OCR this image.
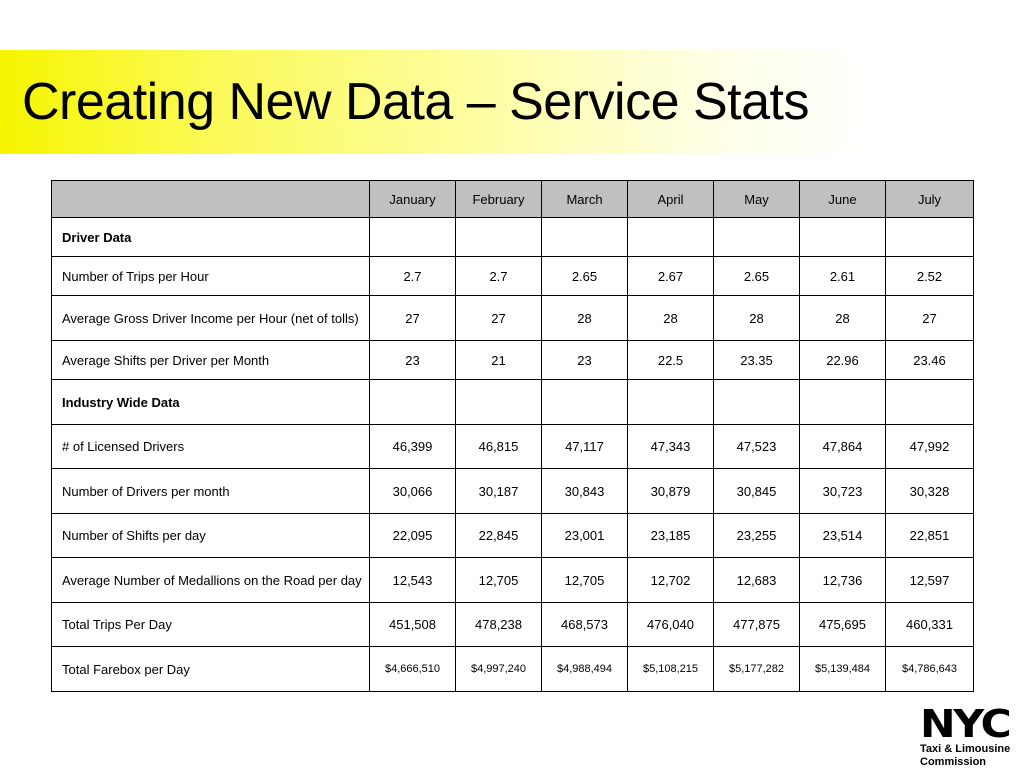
Creating New Data – Service Stats
	January	February	March	April	May	June	July
Driver Data							
Number of Trips per Hour	2.7	2.7	2.65	2.67	2.65	2.61	2.52
Average Gross Driver Income per Hour (net of tolls)	27	27	28	28	28	28	27
Average Shifts per Driver per Month	23	21	23	22.5	23.35	22.96	23.46
Industry Wide Data							
# of Licensed Drivers	46,399	46,815	47,117	47,343	47,523	47,864	47,992
Number of Drivers per month	30,066	30,187	30,843	30,879	30,845	30,723	30,328
Number of Shifts per day	22,095	22,845	23,001	23,185	23,255	23,514	22,851
Average Number of Medallions on the Road per day	12,543	12,705	12,705	12,702	12,683	12,736	12,597
Total Trips Per Day	451,508	478,238	468,573	476,040	477,875	475,695	460,331
Total Farebox per Day	$4,666,510	$4,997,240	$4,988,494	$5,108,215	$5,177,282	$5,139,484	$4,786,643
NYC
Taxi & Limousine
Commission
